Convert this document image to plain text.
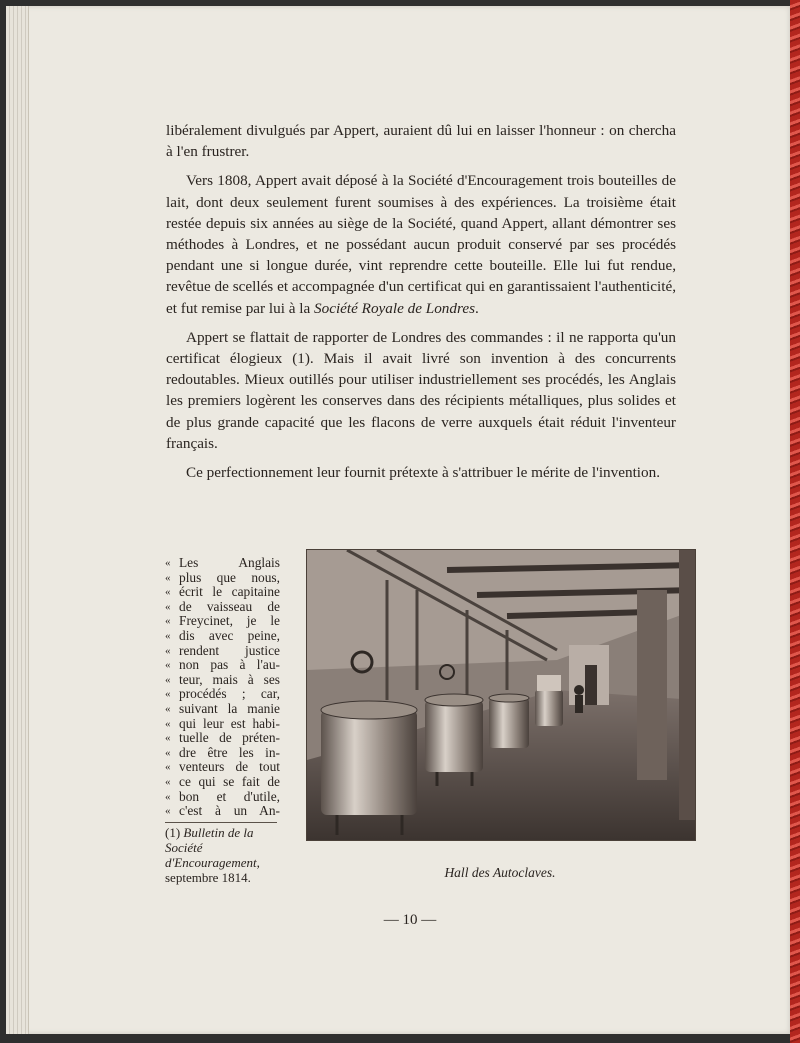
libéralement divulgués par Appert, auraient dû lui en laisser l'honneur : on chercha à l'en frustrer.

Vers 1808, Appert avait déposé à la Société d'Encouragement trois bouteilles de lait, dont deux seulement furent soumises à des expériences. La troisième était restée depuis six années au siège de la Société, quand Appert, allant démontrer ses méthodes à Londres, et ne possédant aucun produit conservé par ses procédés pendant une si longue durée, vint reprendre cette bouteille. Elle lui fut rendue, revêtue de scellés et accompagnée d'un certificat qui en garantissaient l'authenticité, et fut remise par lui à la Société Royale de Londres.

Appert se flattait de rapporter de Londres des commandes : il ne rapporta qu'un certificat élogieux (1). Mais il avait livré son invention à des concurrents redoutables. Mieux outillés pour utiliser industriellement ses procédés, les Anglais les premiers logèrent les conserves dans des récipients métalliques, plus solides et de plus grande capacité que les flacons de verre auxquels était réduit l'inventeur français.

Ce perfectionnement leur fournit prétexte à s'attribuer le mérite de l'invention.

« Les Anglais
« plus que nous,
« écrit le capitaine
« de vaisseau de
« Freycinet, je le
« dis avec peine,
« rendent justice
« non pas à l'au-
« teur, mais à ses
« procédés ; car,
« suivant la manie
« qui leur est habi-
« tuelle de préten-
« dre être les in-
« venteurs de tout
« ce qui se fait de
« bon et d'utile,
« c'est à un An-
(1) Bulletin de la Société d'Encouragement, septembre 1814.	Hall des Autoclaves.
— 10 —
